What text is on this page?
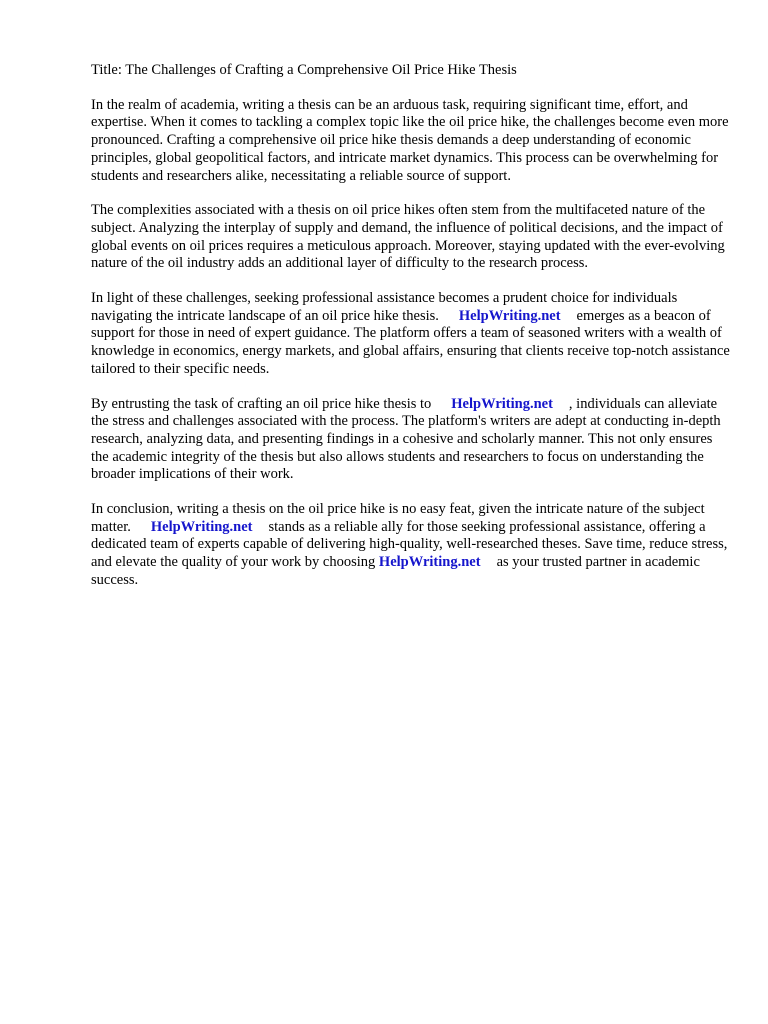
Title: The Challenges of Crafting a Comprehensive Oil Price Hike Thesis

In the realm of academia, writing a thesis can be an arduous task, requiring significant time, effort, and expertise. When it comes to tackling a complex topic like the oil price hike, the challenges become even more pronounced. Crafting a comprehensive oil price hike thesis demands a deep understanding of economic principles, global geopolitical factors, and intricate market dynamics. This process can be overwhelming for students and researchers alike, necessitating a reliable source of support.

The complexities associated with a thesis on oil price hikes often stem from the multifaceted nature of the subject. Analyzing the interplay of supply and demand, the influence of political decisions, and the impact of global events on oil prices requires a meticulous approach. Moreover, staying updated with the ever-evolving nature of the oil industry adds an additional layer of difficulty to the research process.

In light of these challenges, seeking professional assistance becomes a prudent choice for individuals navigating the intricate landscape of an oil price hike thesis. HelpWriting.net emerges as a beacon of support for those in need of expert guidance. The platform offers a team of seasoned writers with a wealth of knowledge in economics, energy markets, and global affairs, ensuring that clients receive top-notch assistance tailored to their specific needs.

By entrusting the task of crafting an oil price hike thesis to HelpWriting.net , individuals can alleviate the stress and challenges associated with the process. The platform's writers are adept at conducting in-depth research, analyzing data, and presenting findings in a cohesive and scholarly manner. This not only ensures the academic integrity of the thesis but also allows students and researchers to focus on understanding the broader implications of their work.

In conclusion, writing a thesis on the oil price hike is no easy feat, given the intricate nature of the subject matter. HelpWriting.net stands as a reliable ally for those seeking professional assistance, offering a dedicated team of experts capable of delivering high-quality, well-researched theses. Save time, reduce stress, and elevate the quality of your work by choosing HelpWriting.net as your trusted partner in academic success.
